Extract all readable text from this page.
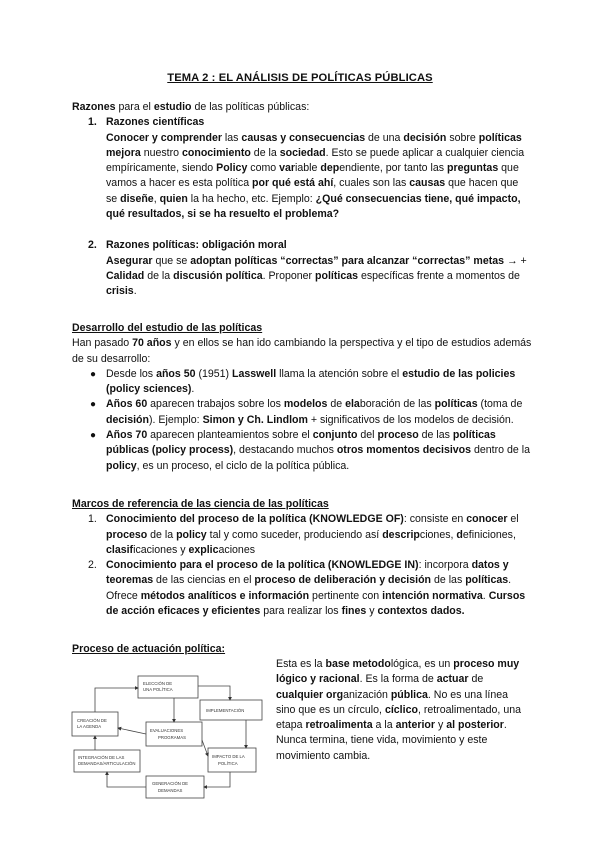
TEMA 2 : EL ANÁLISIS DE POLÍTICAS PÚBLICAS

Razones para el estudio de las políticas públicas:

1. Razones científicas
Conocer y comprender las causas y consecuencias de una decisión sobre políticas mejora nuestro conocimiento de la sociedad. Esto se puede aplicar a cualquier ciencia empíricamente, siendo Policy como variable dependiente, por tanto las preguntas que vamos a hacer es esta política por qué está ahí, cuales son las causas que hacen que se diseñe, quien la ha hecho, etc. Ejemplo: ¿Qué consecuencias tiene, qué impacto, qué resultados, si se ha resuelto el problema?
2. Razones políticas: obligación moral
Asegurar que se adoptan políticas “correctas” para alcanzar “correctas” metas → + Calidad de la discusión política. Proponer políticas específicas frente a momentos de crisis.

Desarrollo del estudio de las políticas

Han pasado 70 años y en ellos se han ido cambiando la perspectiva y el tipo de estudios además de su desarrollo:

● Desde los años 50 (1951) Lasswell llama la atención sobre el estudio de las policies (policy sciences).
● Años 60 aparecen trabajos sobre los modelos de elaboración de las políticas (toma de decisión). Ejemplo: Simon y Ch. Lindlom + significativos de los modelos de decisión.
● Años 70 aparecen planteamientos sobre el conjunto del proceso de las políticas públicas (policy process), destacando muchos otros momentos decisivos dentro de la policy, es un proceso, el ciclo de la política pública.

Marcos de referencia de las ciencia de las políticas

1. Conocimiento del proceso de la política (KNOWLEDGE OF): consiste en conocer el proceso de la policy tal y como suceder, produciendo así descripciones, definiciones, clasificaciones y explicaciones
2. Conocimiento para el proceso de la política (KNOWLEDGE IN): incorpora datos y teoremas de las ciencias en el proceso de deliberación y decisión de las políticas. Ofrece métodos analíticos e información pertinente con intención normativa. Cursos de acción eficaces y eficientes para realizar los fines y contextos dados.

Proceso de actuación política:

ELECCIÓN DE
UNA POLÍTICA
IMPLEMENTACIÓN
CREACIÓN DE
LA AGENDA
EVALUACIONES
PROGRAMAS
IMPACTO DE LA
POLÍTICA
INTEGRACIÓN DE LAS
DEMANDAS/ARTICULACIÓN
GENERACIÓN DE
DEMANDAS
Esta es la base metodológica, es un proceso muy lógico y racional. Es la forma de actuar de cualquier organización pública. No es una línea sino que es un círculo, cíclico, retroalimentado, una etapa retroalimenta a la anterior y al posterior. Nunca termina, tiene vida, movimiento y este movimiento cambia.
